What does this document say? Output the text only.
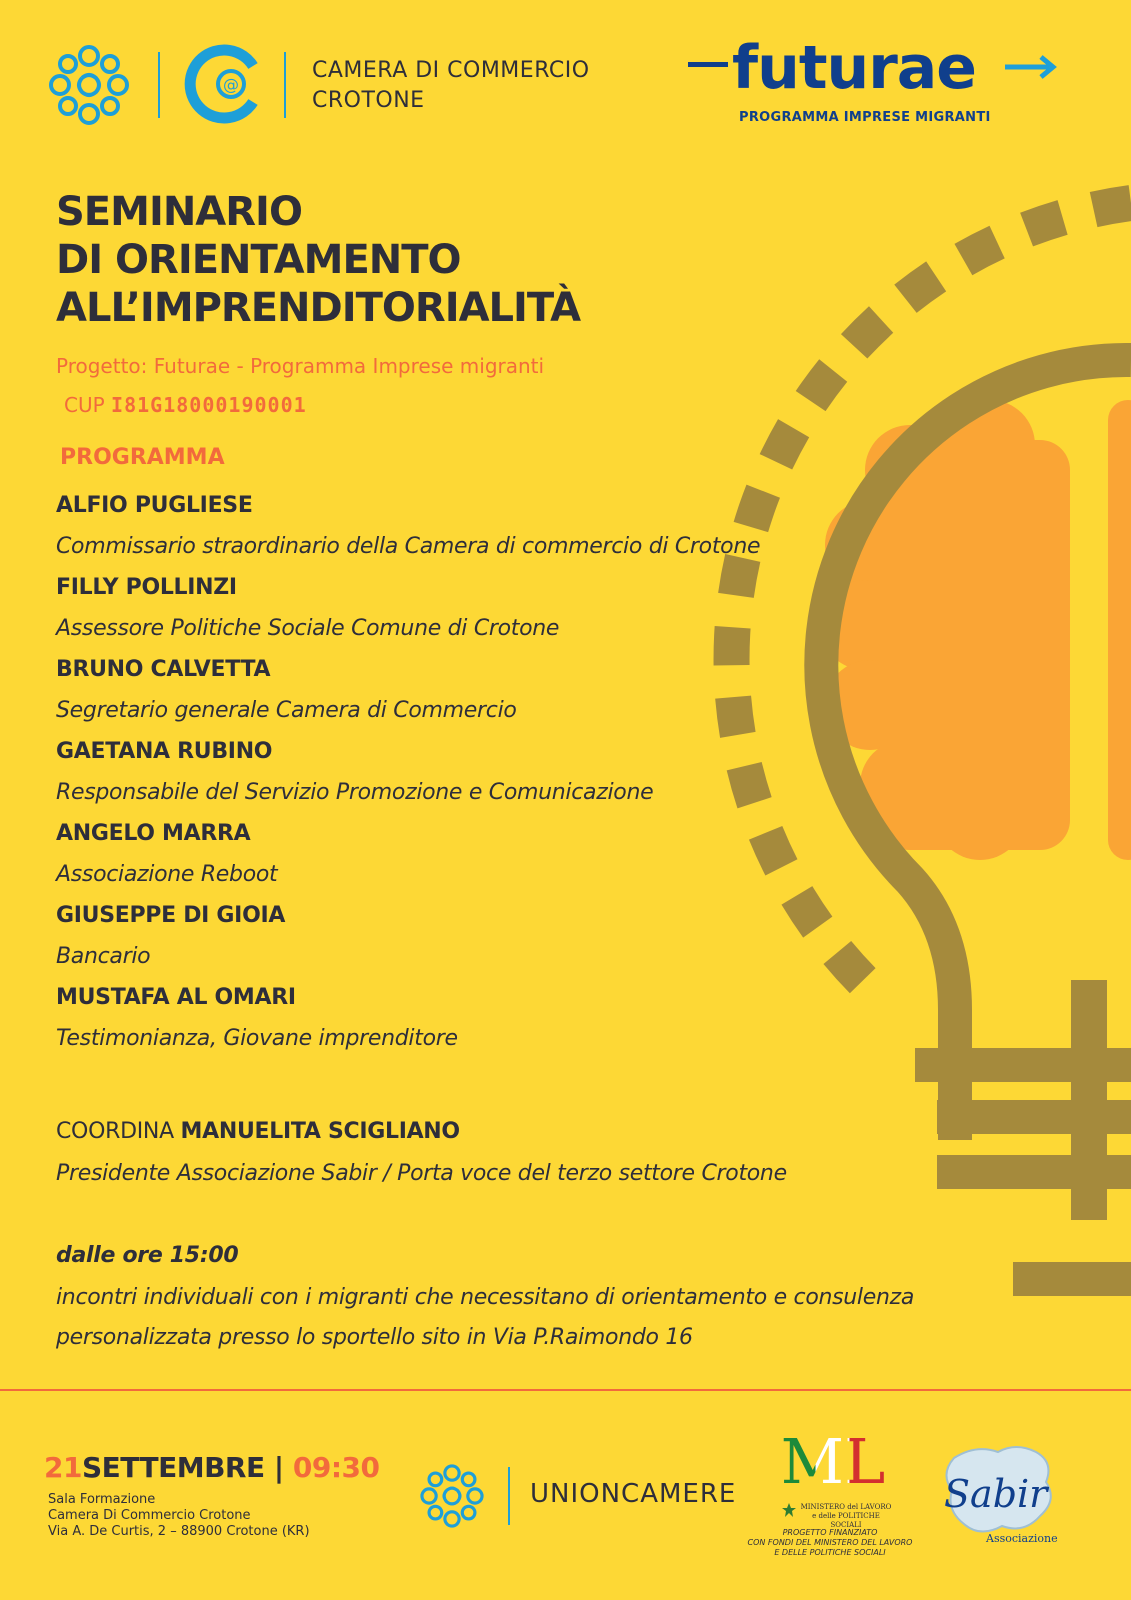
@
CAMERA DI COMMERCIO
CROTONE	futurae
PROGRAMMA IMPRESE MIGRANTI
SEMINARIO
DI ORIENTAMENTO
ALL’IMPRENDITORIALITÀ
Progetto: Futurae - Programma Imprese migranti
CUP I81G18000190001
PROGRAMMA
ALFIO PUGLIESE
Commissario straordinario della Camera di commercio di Crotone
FILLY POLLINZI
Assessore Politiche Sociale Comune di Crotone
BRUNO CALVETTA
Segretario generale Camera di Commercio
GAETANA RUBINO
Responsabile del Servizio Promozione e Comunicazione
ANGELO MARRA
Associazione Reboot
GIUSEPPE DI GIOIA
Bancario
MUSTAFA AL OMARI
Testimonianza, Giovane imprenditore
COORDINA MANUELITA SCIGLIANO
Presidente Associazione Sabir / Porta voce del terzo settore Crotone
dalle ore 15:00
incontri individuali con i migranti che necessitano di orientamento e consulenza
personalizzata presso lo sportello sito in Via P.Raimondo 16
21SETTEMBRE | 09:30
Sala Formazione
Camera Di Commercio Crotone
Via A. De Curtis, 2 – 88900 Crotone (KR)
UNIONCAMERE ML
MINISTERO del LAVORO
e delle POLITICHE SOCIALI
PROGETTO FINANZIATO
CON FONDI DEL MINISTERO DEL LAVORO
E DELLE POLITICHE SOCIALI
Sabir
Associazione
